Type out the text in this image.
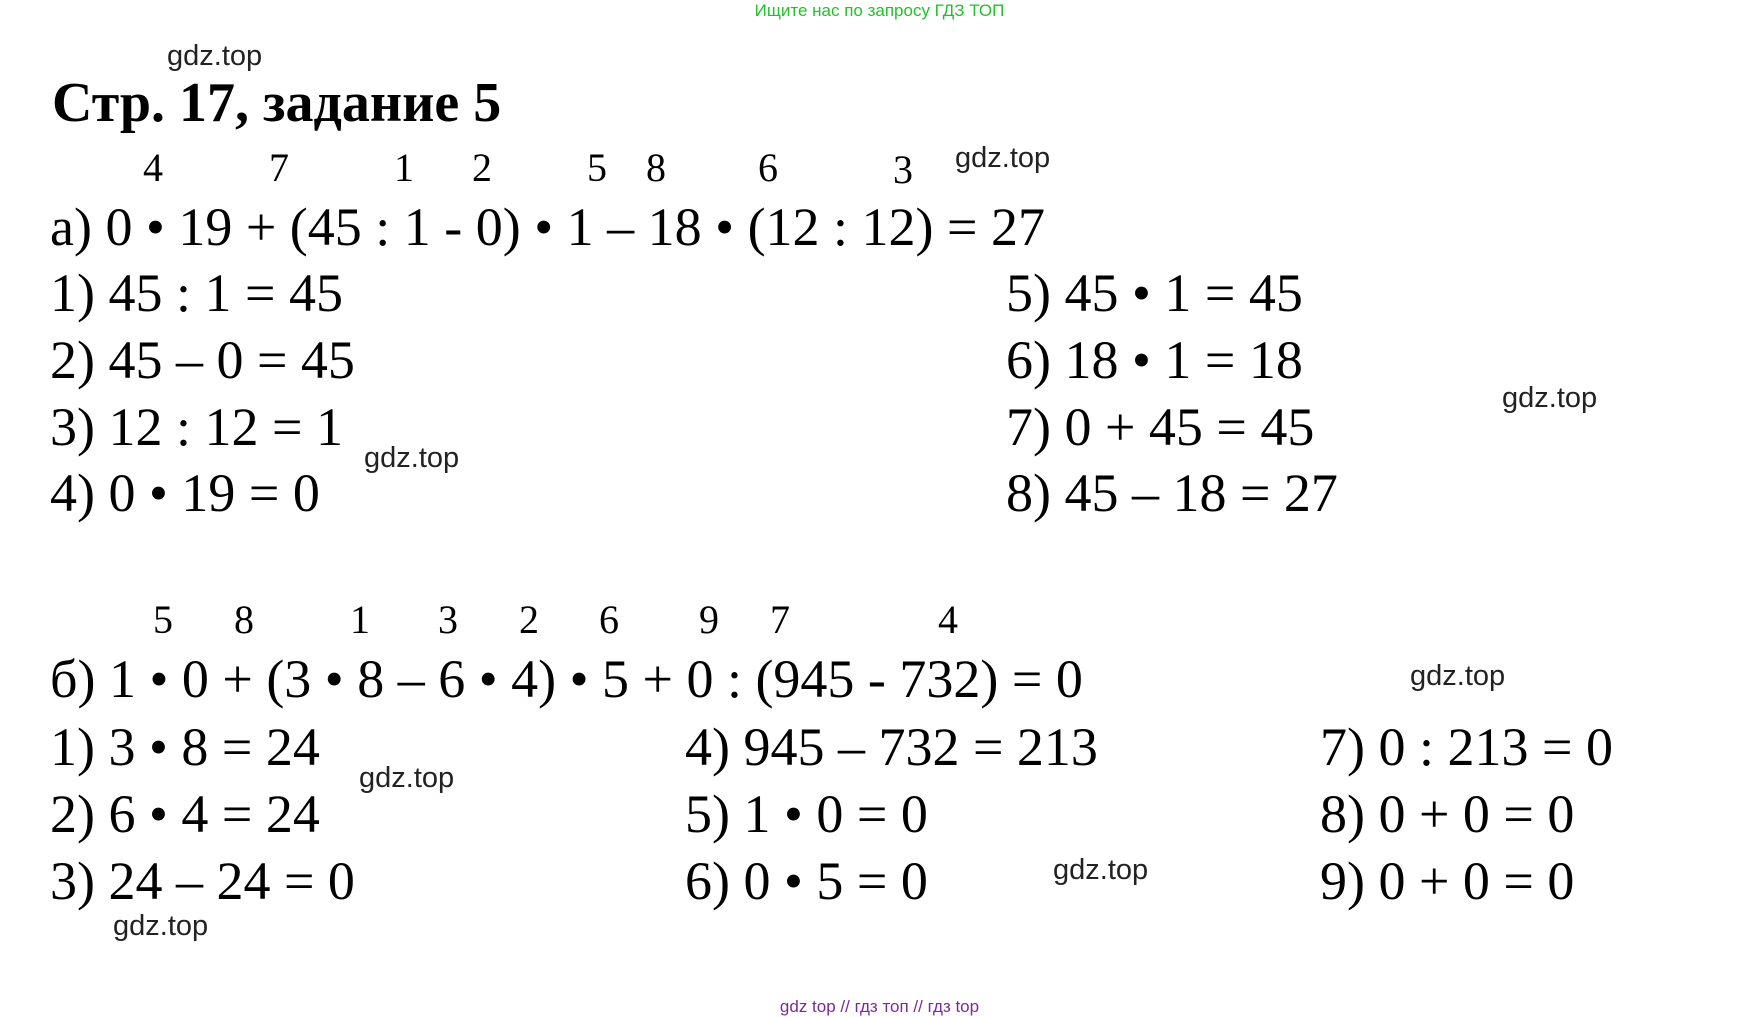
Ищите нас по запросу ГДЗ ТОП
gdz.top
Стр. 17, задание 5
4	7	1 2 5 8 6	3 gdz.top
а) 0 • 19 + (45 : 1 - 0) • 1 – 18 • (12 : 12) = 27
1) 45 : 1 = 45
2) 45 – 0 = 45
3) 12 : 12 = 1
4) 0 • 19 = 0
gdz.top
5) 45 • 1 = 45
6) 18 • 1 = 18
7) 0 + 45 = 45
8) 45 – 18 = 27
gdz.top
5 8 1 3 2 6 9 7	4
б) 1 • 0 + (3 • 8 – 6 • 4) • 5 + 0 : (945 - 732) = 0	gdz.top
1) 3 • 8 = 24
2) 6 • 4 = 24
3) 24 – 24 = 0
gdz.top
gdz.top
4) 945 – 732 = 213
5) 1 • 0 = 0
6) 0 • 5 = 0	gdz.top
7) 0 : 213 = 0
8) 0 + 0 = 0
9) 0 + 0 = 0
gdz top // гдз топ // гдз top
